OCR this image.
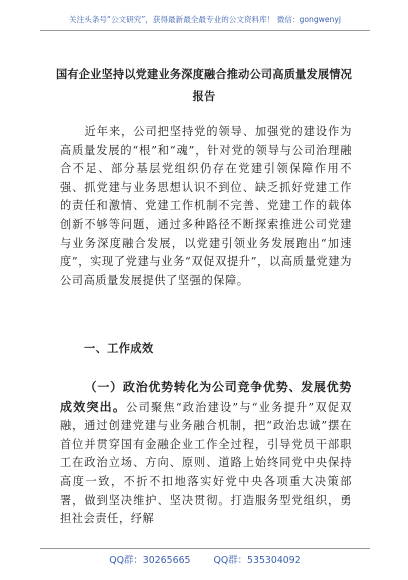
关注头条号“公文研究”，获得最新最全最专业的公文资料库！ 微信：gongwenyj
国有企业坚持以党建业务深度融合推动公司高质量发展情况报告

近年来，公司把坚持党的领导、加强党的建设作为高质量发展的“根”和“魂”，针对党的领导与公司治理融合不足、部分基层党组织仍存在党建引领保障作用不强、抓党建与业务思想认识不到位、缺乏抓好党建工作的责任和激情、党建工作机制不完善、党建工作的载体创新不够等问题，通过多种路径不断探索推进公司党建与业务深度融合发展，以党建引领业务发展跑出“加速度”，实现了党建与业务“双促双提升”，以高质量党建为公司高质量发展提供了坚强的保障。

一、工作成效

（一）政治优势转化为公司竞争优势、发展优势成效突出。公司聚焦“政治建设”与“业务提升”双促双融，通过创建党建与业务融合机制，把“政治忠诚”摆在首位并贯穿国有金融企业工作全过程，引导党员干部职工在政治立场、方向、原则、道路上始终同党中央保持高度一致，不折不扣地落实好党中央各项重大决策部署，做到坚决维护、坚决贯彻。打造服务型党组织，勇担社会责任，纾解

QQ群：30265665 QQ群：535304092
